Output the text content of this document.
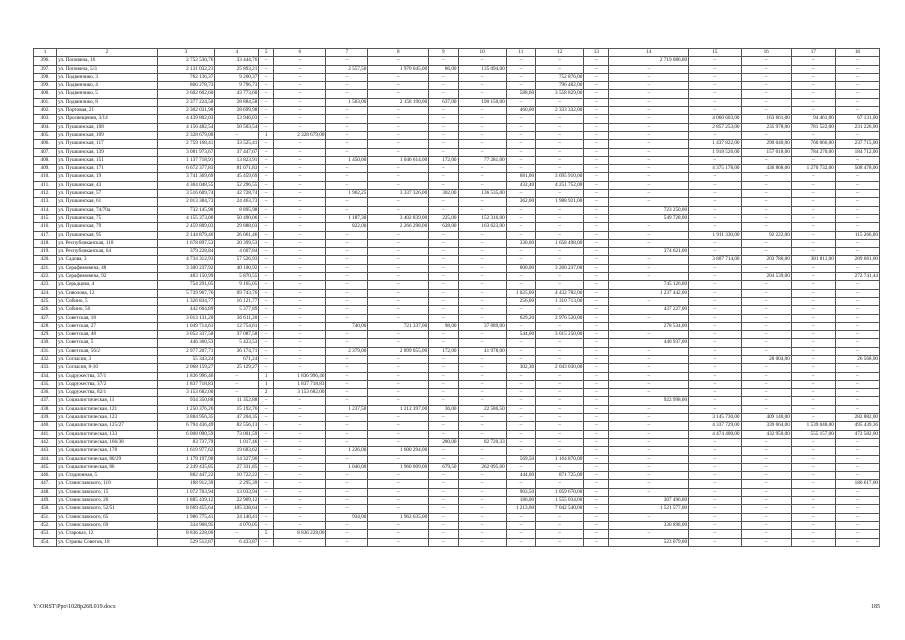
1	2	3	4	5	6	7	8	9	10	11	12	13	14	15	16	17	18
396.	ул. Поповича, 16	2 752 530,76	33 444,76	–	–	–	–	–	–	–	–	–	2 719 086,00	–	–	–	–
397.	ул. Поповича, 5/3	2 131 032,21	25 893,21	–	–	2 557,50	1 970 045,00	86,00	135 094,00	–	–	–	–	–	–	–	–
398.	ул. Подвинчико, 3	762 136,37	9 260,37	–	–	–	–	–	–	–	752 876,00	–	–	–	–	–	–
399.	ул. Подвинчико, 4	806 278,73	9 796,73	–	–	–	–	–	–	–	796 482,00	–	–	–	–	–	–
400.	ул. Подвинчико, 5	3 602 602,60	43 773,60	–	–	–	–	–	–	588,60	3 558 829,00	–	–	–	–	–	–
401.	ул. Подвинчико, 8	2 377 224,58	28 884,58	–	–	1 503,00	2 158 190,00	637,00	190 150,00	–	–	–	–	–	–	–	–
402.	ул. Портовая, 21	2 362 031,98	28 699,98	–	–	–	–	–	–	460,00	2 333 332,00	–	–	–	–	–	–
403.	ул. Просвещения, 3/14	4 439 802,03	53 946,03	–	–	–	–	–	–	–	–	–	–	4 060 603,00	163 661,00	94 461,00	67 131,00
404.	ул. Пушкинская, 108	4 156 482,54	50 503,54	–	–	–	–	–	–	–	–	–	–	2 857 253,00	235 978,00	781 522,00	231 226,00
405.	ул. Пушкинская, 109	2 328 679,00	–	1	2 328 679,00	–	–	–	–	–	–	–	–	–	–	–	–
406.	ул. Пушкинская, 117	2 759 168,41	33 525,41	–	–	–	–	–	–	–	–	–	–	1 437 822,00	290 040,00	760 066,00	237 715,00
407.	ул. Пушкинская, 139	3 081 973,67	37 447,67	–	–	–	–	–	–	–	–	–	–	1 918 526,00	157 018,00	784 270,00	184 712,00
408.	ул. Пушкинская, 151	1 137 718,91	13 823,91	–	–	1 450,00	1 046 614,00	172,00	77 281,00	–	–	–	–	–	–	–	–
409.	ул. Пушкинская, 171	6 672 377,83	81 071,83	–	–	–	–	–	–	–	–	–	–	4 375 178,00	436 868,00	1 270 732,00	508 478,00
410.	ул. Пушкинская, 19	3 741 369,69	45 459,69	–	–	–	–	–	–	681,00	3 695 910,00	–	–	–	–	–	–
411.	ул. Пушкинская, 43	4 304 048,55	52 296,55	–	–	–	–	–	–	432,40	4 251 752,00	–	–	–	–	–	–
412.	ул. Пушкинская, 57	3 516 609,74	42 728,74	–	–	1 962,25	3 337 326,00	302,00	136 535,00	–	–	–	–	–	–	–	–
413.	ул. Пушкинская, 61	2 013 384,73	24 463,73	–	–	–	–	–	–	362,00	1 988 921,00	–	–	–	–	–	–
414.	ул. Пушкинская, 74/70а	732 145,98	8 895,98	–	–	–	–	–	–	–	–	–	723 250,00	–	–	–	–
415.	ул. Пушкинская, 75	4 155 373,06	50 490,06	–	–	1 187,30	3 402 839,00	225,00	152 316,00	–	–	–	549 728,00	–	–	–	–
416.	ул. Пушкинская, 79	2 459 809,03	29 888,03	–	–	822,00	2 266 298,00	628,00	163 623,00	–	–	–	–	–	–	–	–
417.	ул. Пушкинская, 95	2 144 879,46	26 061,46	–	–	–	–	–	–	–	–	–	–	1 911 330,00	92 222,00	–	115 266,00
418.	ул. Республиканская, 118	1 678 897,53	20 399,53	–	–	–	–	–	–	330,00	1 658 498,00	–	–	–	–	–	–
419.	ул. Республиканская, 64	379 228,84	4 607,84	–	–	–	–	–	–	–	–	–	374 621,00	–	–	–	–
420.	ул. Садова, 3	4 734 312,93	57 526,93	–	–	–	–	–	–	–	–	–	–	3 807 714,00	203 780,00	381 811,00	289 681,00
421.	ул. Серафимовича, 48	3 300 237,92	40 100,92	–	–	–	–	–	–	600,00	3 260 237,00	–	–	–	–	–	–
422.	ул. Серафимовича, 92	483 150,99	5 870,55	–	–	–	–	–	–	–	–	–	–	–	204 539,00	–	272 741,44
423.	ул. Серьдцова, 4	754 291,05	9 165,05	–	–	–	–	–	–	–	–	–	745 126,00	–	–	–	–
424.	ул. Сиволова, 12	5 739 967,76	69 743,76	–	–	–	–	–	–	1 025,00	4 432 782,00	–	1 237 442,00	–	–	–	–
425.	ул. Собино, 5	1 326 834,77	16 121,77	–	–	–	–	–	–	256,00	1 310 713,00	–	–	–	–	–	–
426.	ул. Собино, 56	442 604,89	5 377,89	–	–	–	–	–	–	–	–	–	437 227,00	–	–	–	–
427.	ул. Советская, 18	3 013 131,20	36 611,20	–	–	–	–	–	–	629,20	2 976 520,00	–	–	–	–	–	–
428.	ул. Советская, 27	1 049 714,61	12 754,61	–	–	740,00	721 337,00	98,00	37 089,00	–	–	–	278 534,00	–	–	–	–
429.	ул. Советская, 48	3 052 337,58	37 087,58	–	–	–	–	–	–	544,00	3 015 250,00	–	–	–	–	–	–
430.	ул. Советская, 5	446 360,53	5 423,53	–	–	–	–	–	–	–	–	–	440 937,00	–	–	–	–
431.	ул. Советская, 56/2	2 977 207,71	36 174,71	–	–	2 379,00	2 899 055,00	172,00	41 978,00	–	–	–	–	–	–	–	–
432.	ул. Согласия, 3	55 343,24	671,24	–	–	–	–	–	–	–	–	–	–	–	28 004,00	–	26 568,00
433.	ул. Согласия, 8-10	2 068 159,27	25 129,27	–	–	–	–	–	–	302,30	2 043 030,00	–	–	–	–	–	–
434.	ул. Содружества, 37/1	1 836 996,46	–	1	1 836 996,46	–	–	–	–	–	–	–	–	–	–	–	–
435.	ул. Содружества, 37/2	1 837 718,83	–	1	1 837 718,83	–	–	–	–	–	–	–	–	–	–	–	–
436.	ул. Содружества, 82/1	3 153 682,00	–	2	3 153 682,00	–	–	–	–	–	–	–	–	–	–	–	–
437.	ул. Социалистическая, 11	934 350,88	11 352,88	–	–	–	–	–	–	–	–	–	922 998,00	–	–	–	–
438.	ул. Социалистическая, 121	1 250 376,26	15 192,76	–	–	1 237,50	1 212 397,00	36,00	22 586,50	–	–	–	–	–	–	–	–
439.	ул. Социалистическая, 123	3 884 956,35	47 204,35	–	–	–	–	–	–	–	–	–	–	3 145 730,00	409 140,00	–	282 882,00
440.	ул. Социалистическая, 125/27	6 794 436,49	82 556,13	–	–	–	–	–	–	–	–	–	–	4 337 729,00	339 664,00	1 539 048,00	495 439,36
441.	ул. Социалистическая, 133	6 008 090,59	73 001,59	–	–	–	–	–	–	–	–	–	–	4 474 400,00	432 950,00	555 157,00	472 582,00
442.	ул. Социалистическая, 166/38	83 737,79	1 017,46	–	–	–	–	280,00	82 720,33	–	–	–	–	–	–	–	–
443.	ул. Социалистическая, 178	1 619 977,62	19 683,62	–	–	1 226,00	1 600 294,00	–	–	–	–	–	–	–	–	–	–
444.	ул. Социалистическая, 80/29	1 179 197,90	14 327,90	–	–	–	–	–	–	569,50	1 164 870,00	–	–	–	–	–	–
445.	ул. Социалистическая, 86	2 249 435,85	27 331,85	–	–	1 046,00	1 960 009,00	679,50	262 095,00	–	–	–	–	–	–	–	–
446.	ул. Стадионная, 5	882 447,22	10 722,22	–	–	–	–	–	–	444,00	871 725,00	–	–	–	–	–	–
447.	ул. Станиславского, 110	188 912,39	2 295,39	–	–	–	–	–	–	–	–	–	–	–	–	–	186 617,00
448.	ул. Станиславского, 15	1 072 703,94	13 033,94	–	–	–	–	–	–	903,50	1 059 670,00	–	–	–	–	–	–
449.	ул. Станиславского, 26	1 885 439,12	22 909,12	–	–	–	–	–	–	186,00	1 555 034,00	–	307 496,00	–	–	–	–
450.	ул. Станиславского, 52/51	8 669 455,64	105 338,64	–	–	–	–	–	–	1 213,60	7 042 540,00	–	1 521 577,00	–	–	–	–
451.	ул. Станиславского, 65	1 986 775,41	24 140,41	–	–	934,00	1 962 635,00	–	–	–	–	–	–	–	–	–	–
452.	ул. Станиславского, 69	334 968,95	4 070,05	–	–	–	–	–	–	–	–	–	330 898,00	–	–	–	–
453.	ул. Староказ, 12	8 836 228,00	–	5	8 836 228,00	–	–	–	–	–	–	–	–	–	–	–	–
454.	ул. Страны Советов, 18	529 512,87	6 433,87	–	–	–	–	–	–	–	–	–	523 079,00	–	–	–	–
Y:\ORST\Ppo\1028p268.019.docx	185
